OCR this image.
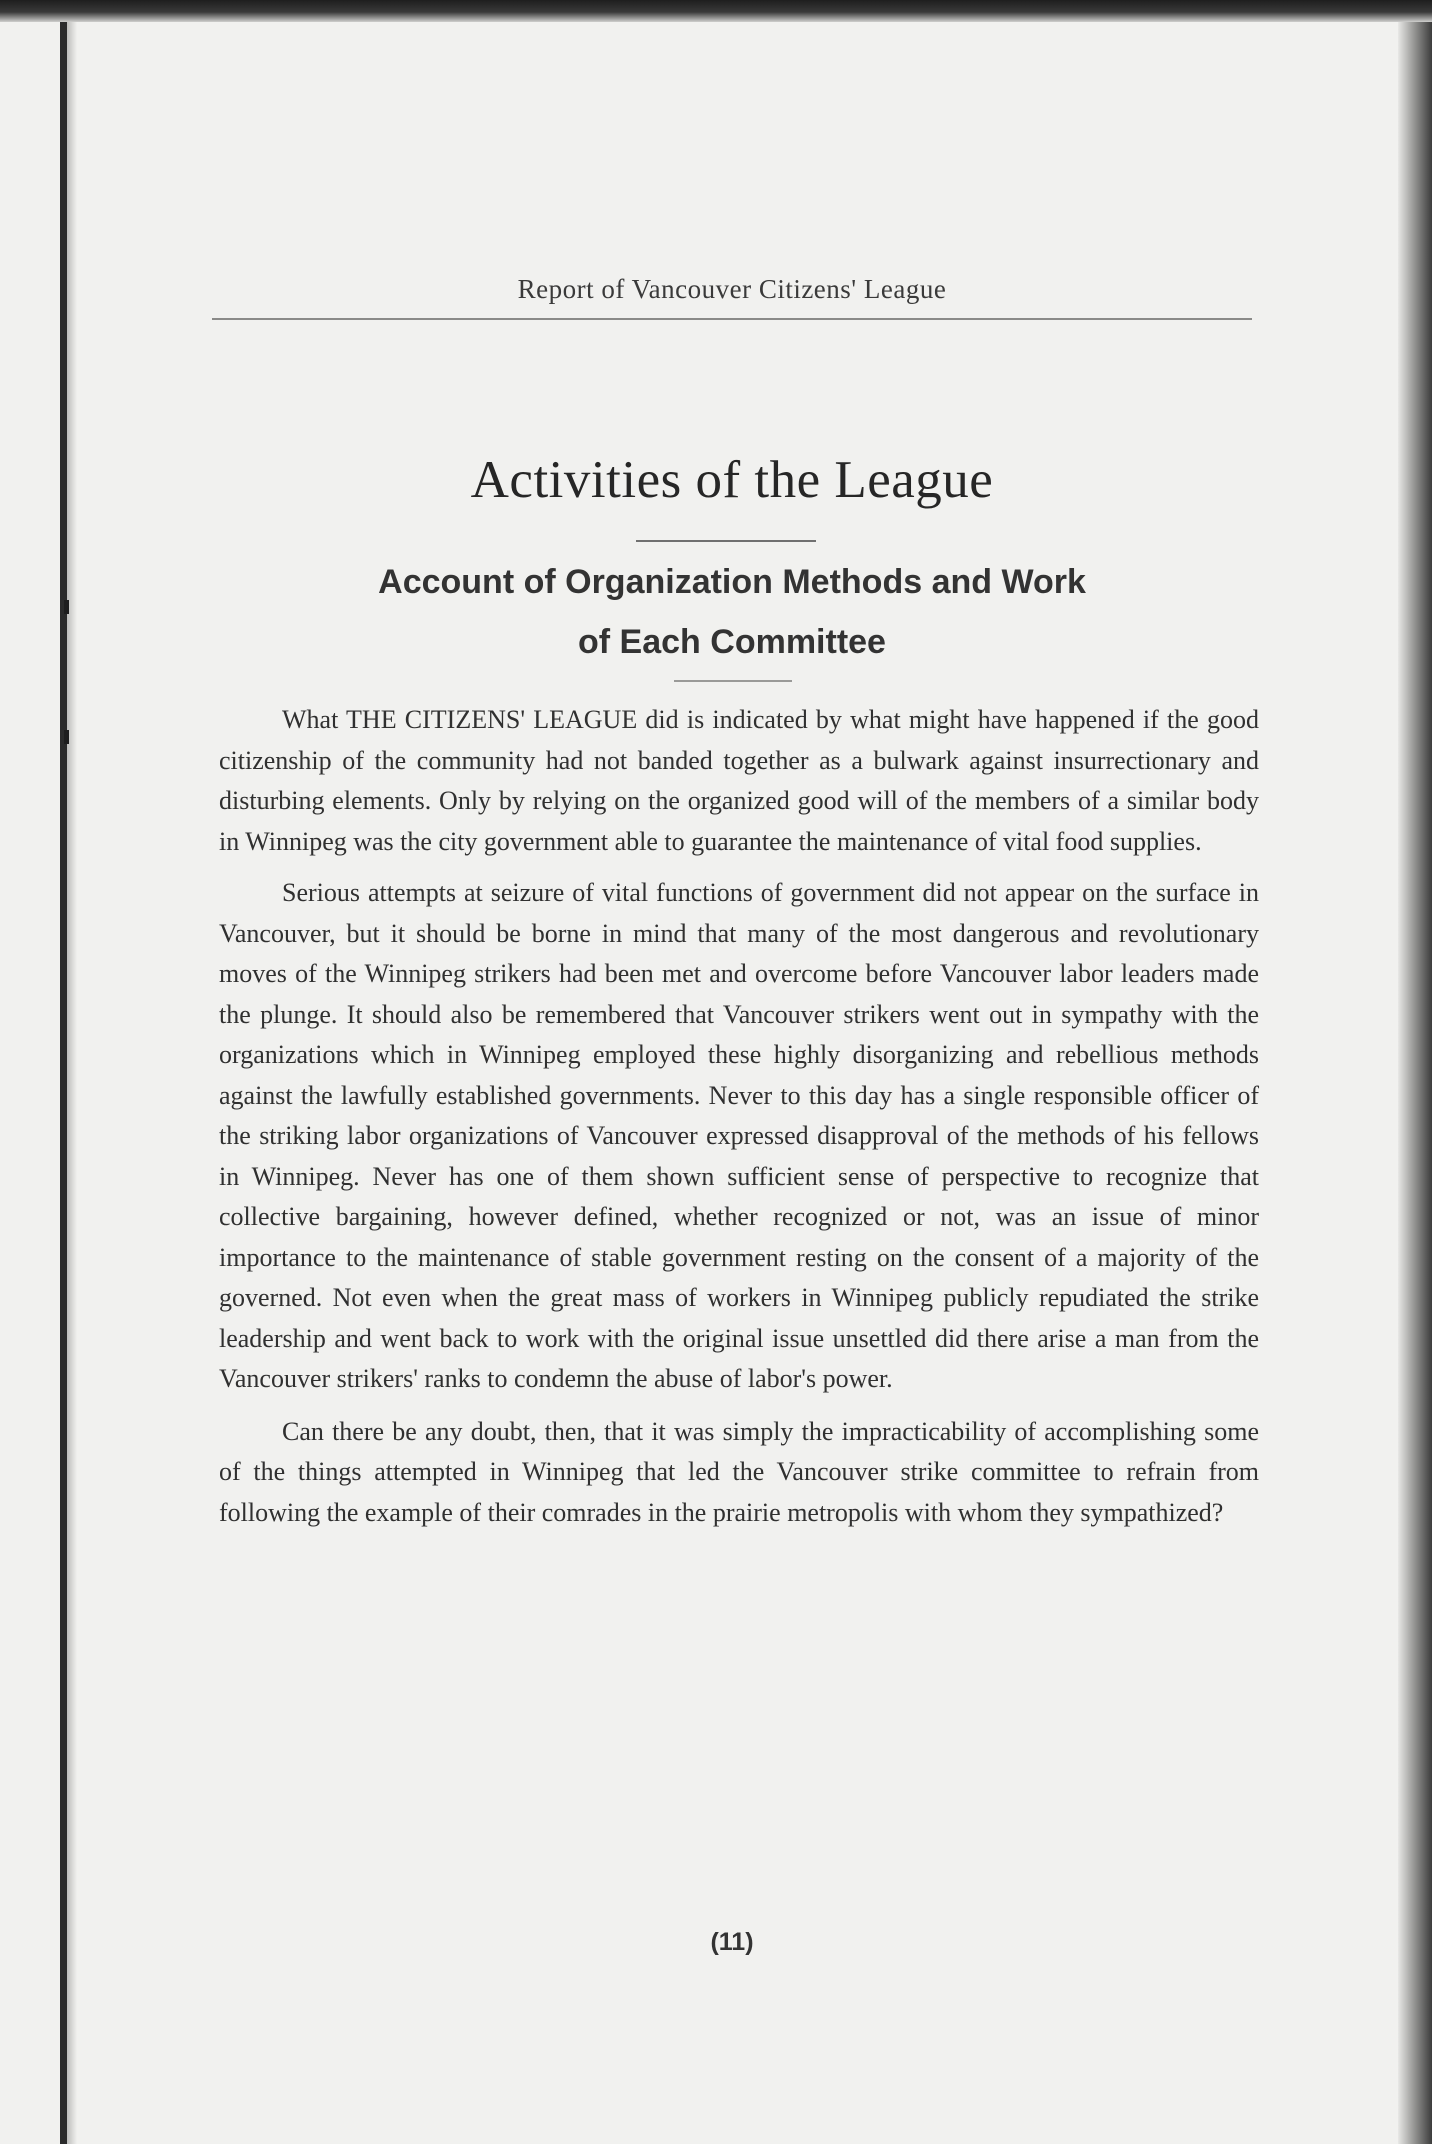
Report of Vancouver Citizens' League
Activities of the League
Account of Organization Methods and Work
of Each Committee

What THE CITIZENS' LEAGUE did is indicated by what might have happened if the good citizenship of the community had not banded together as a bulwark against insurrectionary and disturbing elements. Only by relying on the organized good will of the members of a similar body in Winnipeg was the city government able to guarantee the maintenance of vital food supplies.

Serious attempts at seizure of vital functions of government did not appear on the surface in Vancouver, but it should be borne in mind that many of the most dangerous and revolutionary moves of the Winnipeg strikers had been met and overcome before Vancouver labor leaders made the plunge. It should also be remembered that Vancouver strikers went out in sympathy with the organizations which in Winnipeg employed these highly disorganizing and rebellious methods against the lawfully established governments. Never to this day has a single responsible officer of the striking labor organizations of Vancouver expressed disapproval of the methods of his fellows in Winnipeg. Never has one of them shown sufficient sense of perspective to recognize that collective bargaining, however defined, whether recognized or not, was an issue of minor importance to the maintenance of stable government resting on the consent of a majority of the governed. Not even when the great mass of workers in Winnipeg publicly repudiated the strike leadership and went back to work with the original issue unsettled did there arise a man from the Vancouver strikers' ranks to condemn the abuse of labor's power.

Can there be any doubt, then, that it was simply the impracticability of accomplishing some of the things attempted in Winnipeg that led the Vancouver strike committee to refrain from following the example of their comrades in the prairie metropolis with whom they sympathized?

(11)
